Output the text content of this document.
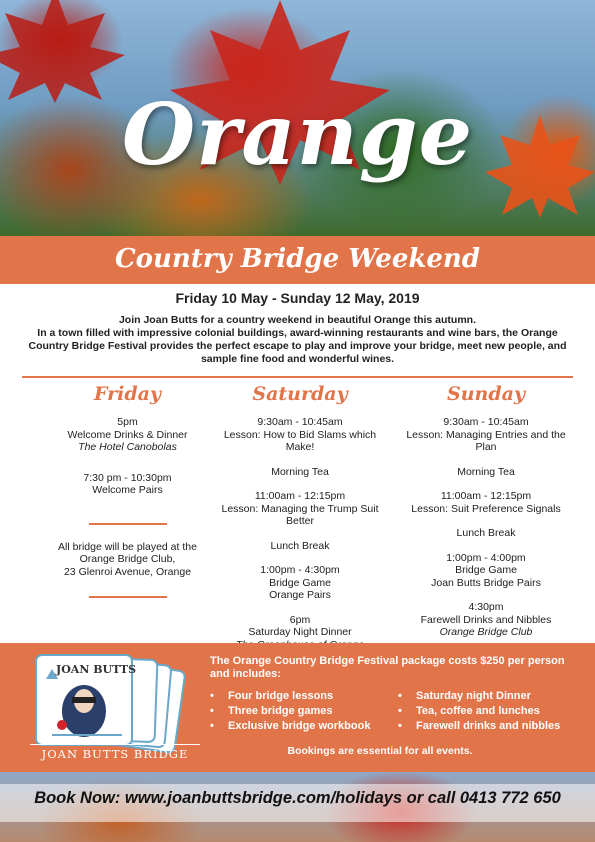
Orange
Country Bridge Weekend
Friday 10 May - Sunday 12 May, 2019
Join Joan Butts for a country weekend in beautiful Orange this autumn.
In a town filled with impressive colonial buildings, award-winning restaurants and wine bars, the Orange Country Bridge Festival provides the perfect escape to play and improve your bridge, meet new people, and sample fine food and wonderful wines.
Friday
5pm
Welcome Drinks & Dinner
The Hotel Canobolas
7:30 pm - 10:30pm
Welcome Pairs
All bridge will be played at the
Orange Bridge Club,
23 Glenroi Avenue, Orange
Saturday
9:30am - 10:45am
Lesson: How to Bid Slams which Make!
Morning Tea
11:00am - 12:15pm
Lesson: Managing the Trump Suit Better
Lunch Break
1:00pm - 4:30pm
Bridge Game
Orange Pairs
6pm
Saturday Night Dinner
Sunday
9:30am - 10:45am
Lesson: Managing Entries and the Plan
Morning Tea
11:00am - 12:15pm
Lesson: Suit Preference Signals
Lunch Break
1:00pm - 4:00pm
Bridge Game
Joan Butts Bridge Pairs
4:30pm
Farewell Drinks and Nibbles
Orange Bridge Club
JOAN BUTTS
JOAN BUTTS BRIDGE
The Orange Country Bridge Festival package costs $250 per person and includes:
• Four bridge lessons
• Three bridge games
• Exclusive bridge workbook
• Saturday night Dinner
• Tea, coffee and lunches
• Farewell drinks and nibbles
Bookings are essential for all events.
Book Now: www.joanbuttsbridge.com/holidays or call 0413 772 650
